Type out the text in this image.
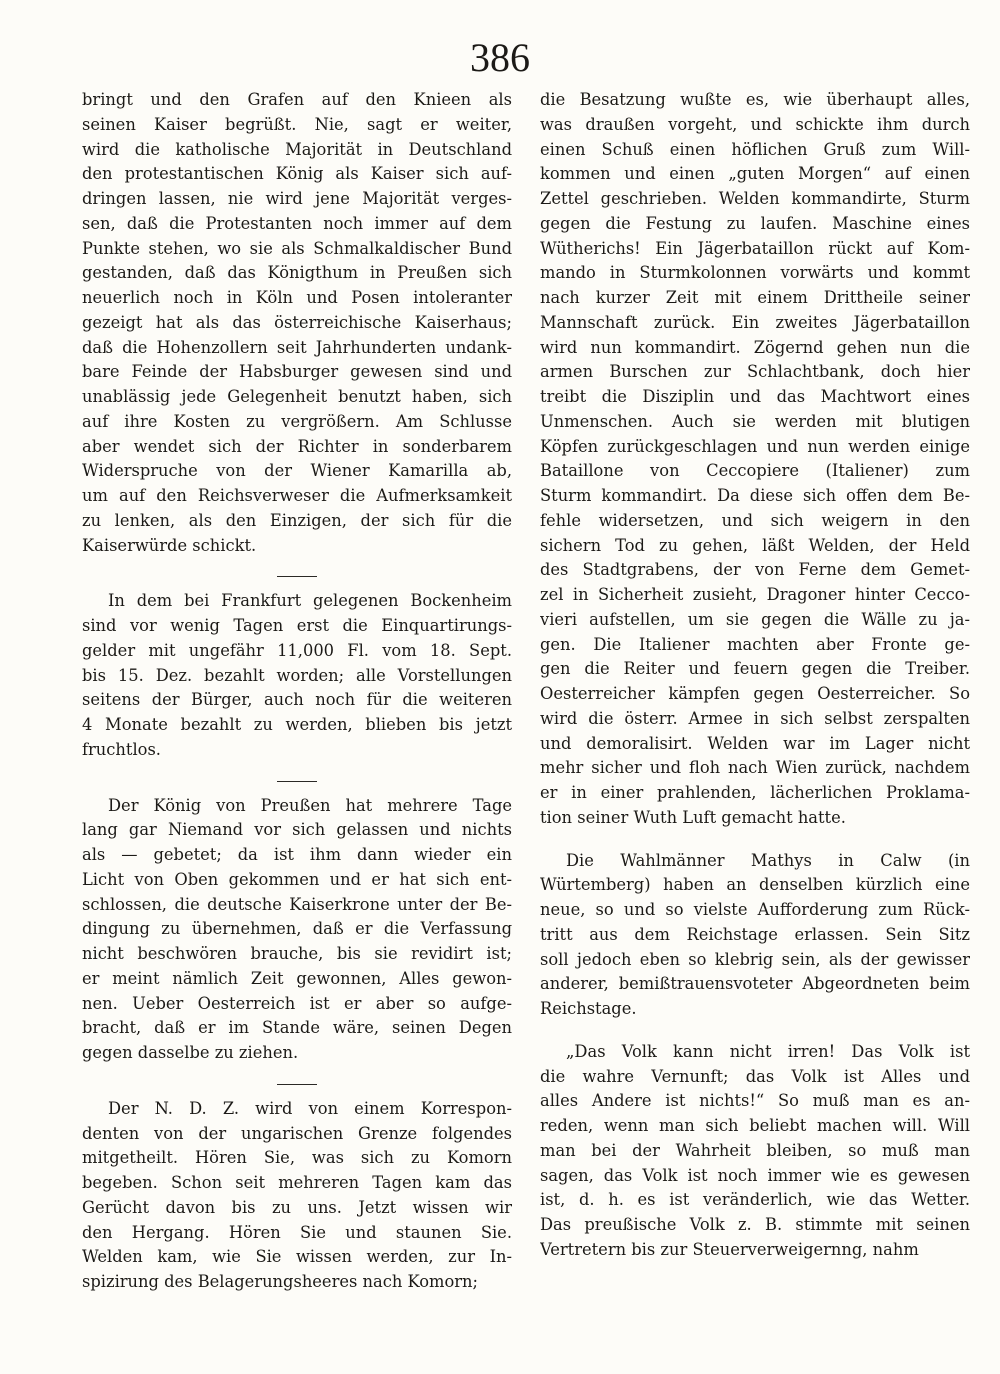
386
bringt und den Grafen auf den Knieen als
seinen Kaiser begrüßt. Nie, sagt er weiter,
wird die katholische Majorität in Deutschland
den protestantischen König als Kaiser sich auf-
dringen lassen, nie wird jene Majorität verges-
sen, daß die Protestanten noch immer auf dem
Punkte stehen, wo sie als Schmalkaldischer Bund
gestanden, daß das Königthum in Preußen sich
neuerlich noch in Köln und Posen intoleranter
gezeigt hat als das österreichische Kaiserhaus;
daß die Hohenzollern seit Jahrhunderten undank-
bare Feinde der Habsburger gewesen sind und
unablässig jede Gelegenheit benutzt haben, sich
auf ihre Kosten zu vergrößern. Am Schlusse
aber wendet sich der Richter in sonderbarem
Widerspruche von der Wiener Kamarilla ab,
um auf den Reichsverweser die Aufmerksamkeit
zu lenken, als den Einzigen, der sich für die
Kaiserwürde schickt.
In dem bei Frankfurt gelegenen Bockenheim
sind vor wenig Tagen erst die Einquartirungs-
gelder mit ungefähr 11,000 Fl. vom 18. Sept.
bis 15. Dez. bezahlt worden; alle Vorstellungen
seitens der Bürger, auch noch für die weiteren
4 Monate bezahlt zu werden, blieben bis jetzt
fruchtlos.
Der König von Preußen hat mehrere Tage
lang gar Niemand vor sich gelassen und nichts
als — gebetet; da ist ihm dann wieder ein
Licht von Oben gekommen und er hat sich ent-
schlossen, die deutsche Kaiserkrone unter der Be-
dingung zu übernehmen, daß er die Verfassung
nicht beschwören brauche, bis sie revidirt ist;
er meint nämlich Zeit gewonnen, Alles gewon-
nen. Ueber Oesterreich ist er aber so aufge-
bracht, daß er im Stande wäre, seinen Degen
gegen dasselbe zu ziehen.
Der N. D. Z. wird von einem Korrespon-
denten von der ungarischen Grenze folgendes
mitgetheilt. Hören Sie, was sich zu Komorn
begeben. Schon seit mehreren Tagen kam das
Gerücht davon bis zu uns. Jetzt wissen wir
den Hergang. Hören Sie und staunen Sie.
Welden kam, wie Sie wissen werden, zur In-
spizirung des Belagerungsheeres nach Komorn;
die Besatzung wußte es, wie überhaupt alles,
was draußen vorgeht, und schickte ihm durch
einen Schuß einen höflichen Gruß zum Will-
kommen und einen „guten Morgen“ auf einen
Zettel geschrieben. Welden kommandirte, Sturm
gegen die Festung zu laufen. Maschine eines
Wütherichs! Ein Jägerbataillon rückt auf Kom-
mando in Sturmkolonnen vorwärts und kommt
nach kurzer Zeit mit einem Drittheile seiner
Mannschaft zurück. Ein zweites Jägerbataillon
wird nun kommandirt. Zögernd gehen nun die
armen Burschen zur Schlachtbank, doch hier
treibt die Disziplin und das Machtwort eines
Unmenschen. Auch sie werden mit blutigen
Köpfen zurückgeschlagen und nun werden einige
Bataillone von Ceccopiere (Italiener) zum
Sturm kommandirt. Da diese sich offen dem Be-
fehle widersetzen, und sich weigern in den
sichern Tod zu gehen, läßt Welden, der Held
des Stadtgrabens, der von Ferne dem Gemet-
zel in Sicherheit zusieht, Dragoner hinter Cecco-
vieri aufstellen, um sie gegen die Wälle zu ja-
gen. Die Italiener machten aber Fronte ge-
gen die Reiter und feuern gegen die Treiber.
Oesterreicher kämpfen gegen Oesterreicher. So
wird die österr. Armee in sich selbst zerspalten
und demoralisirt. Welden war im Lager nicht
mehr sicher und floh nach Wien zurück, nachdem
er in einer prahlenden, lächerlichen Proklama-
tion seiner Wuth Luft gemacht hatte.
Die Wahlmänner Mathys in Calw (in
Würtemberg) haben an denselben kürzlich eine
neue, so und so vielste Aufforderung zum Rück-
tritt aus dem Reichstage erlassen. Sein Sitz
soll jedoch eben so klebrig sein, als der gewisser
anderer, bemißtrauensvoteter Abgeordneten beim
Reichstage.
„Das Volk kann nicht irren! Das Volk ist
die wahre Vernunft; das Volk ist Alles und
alles Andere ist nichts!“ So muß man es an-
reden, wenn man sich beliebt machen will. Will
man bei der Wahrheit bleiben, so muß man
sagen, das Volk ist noch immer wie es gewesen
ist, d. h. es ist veränderlich, wie das Wetter.
Das preußische Volk z. B. stimmte mit seinen
Vertretern bis zur Steuerverweigernng, nahm
